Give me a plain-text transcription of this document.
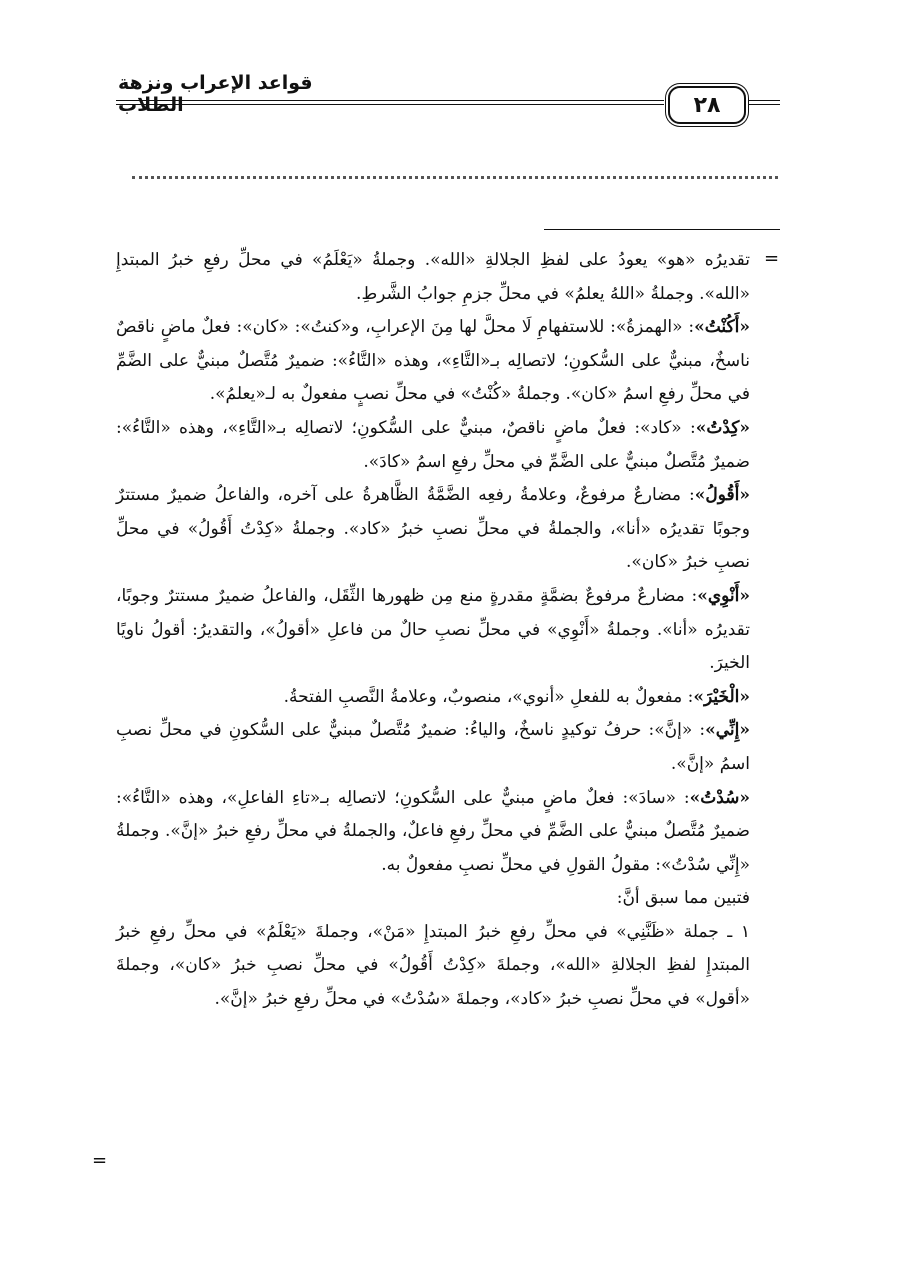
قواعد الإعراب ونزهة الطلاب	٢٨
=

تقديرُه «هو» يعودُ على لفظِ الجلالةِ «الله». وجملةُ «يَعْلَمُ» في محلِّ رفعِ خبرُ المبتدإِ «الله». وجملةُ «اللهُ يعلمُ» في محلِّ جزمِ جوابُ الشَّرطِ.

«أَكُنْتُ»: «الهمزةُ»: للاستفهامِ لَا محلَّ لها مِنَ الإعرابِ، و«كنتُ»: «كان»: فعلٌ ماضٍ ناقصٌ ناسخٌ، مبنيٌّ على السُّكونِ؛ لاتصالِه بـ«التَّاءِ»، وهذه «التَّاءُ»: ضميرٌ مُتَّصلٌ مبنيٌّ على الضَّمِّ في محلِّ رفعِ اسمُ «كان». وجملةُ «كُنْتُ» في محلِّ نصبٍ مفعولٌ به لـ«يعلمُ».

«كِدْتُ»: «كاد»: فعلٌ ماضٍ ناقصٌ، مبنيٌّ على السُّكونِ؛ لاتصالِه بـ«التَّاءِ»، وهذه «التَّاءُ»: ضميرٌ مُتَّصلٌ مبنيٌّ على الضَّمِّ في محلِّ رفعِ اسمُ «كادَ».

«أَقُولُ»: مضارعٌ مرفوعٌ، وعلامةُ رفعِه الضَّمَّةُ الظَّاهرةُ على آخره، والفاعلُ ضميرٌ مستترٌ وجوبًا تقديرُه «أنا»، والجملةُ في محلِّ نصبِ خبرُ «كاد». وجملةُ «كِدْتُ أَقُولُ» في محلِّ نصبِ خبرُ «كان».

«أَنْوِي»: مضارعٌ مرفوعٌ بضمَّةٍ مقدرةٍ منع مِن ظهورها الثِّقَل، والفاعلُ ضميرٌ مستترٌ وجوبًا، تقديرُه «أنا». وجملةُ «أَنْوِي» في محلِّ نصبِ حالٌ من فاعلِ «أقولُ»، والتقديرُ: أقولُ ناويًا الخيرَ.

«الْخَيْرَ»: مفعولٌ به للفعلِ «أنوي»، منصوبٌ، وعلامةُ النَّصبِ الفتحةُ.

«إِنِّي»: «إنَّ»: حرفُ توكيدٍ ناسخٌ، والياءُ: ضميرٌ مُتَّصلٌ مبنيٌّ على السُّكونِ في محلِّ نصبِ اسمُ «إنَّ».

«سُدْتُ»: «سادَ»: فعلٌ ماضٍ مبنيٌّ على السُّكونِ؛ لاتصالِه بـ«تاءِ الفاعلِ»، وهذه «التَّاءُ»: ضميرٌ مُتَّصلٌ مبنيٌّ على الضَّمِّ في محلِّ رفعِ فاعلٌ، والجملةُ في محلِّ رفعِ خبرُ «إنَّ». وجملةُ «إِنِّي سُدْتُ»: مقولُ القولِ في محلِّ نصبِ مفعولٌ به.

فتبين مما سبق أنَّ:

١ ـ جملة «ظَنَّنِي» في محلِّ رفعِ خبرُ المبتدإِ «مَنْ»، وجملةَ «يَعْلَمُ» في محلِّ رفعِ خبرُ المبتدإِ لفظِ الجلالةِ «الله»، وجملةَ «كِدْتُ أَقُولُ» في محلِّ نصبِ خبرُ «كان»، وجملةَ «أقول» في محلِّ نصبِ خبرُ «كاد»، وجملةَ «سُدْتُ» في محلِّ رفعِ خبرُ «إنَّ».

=
